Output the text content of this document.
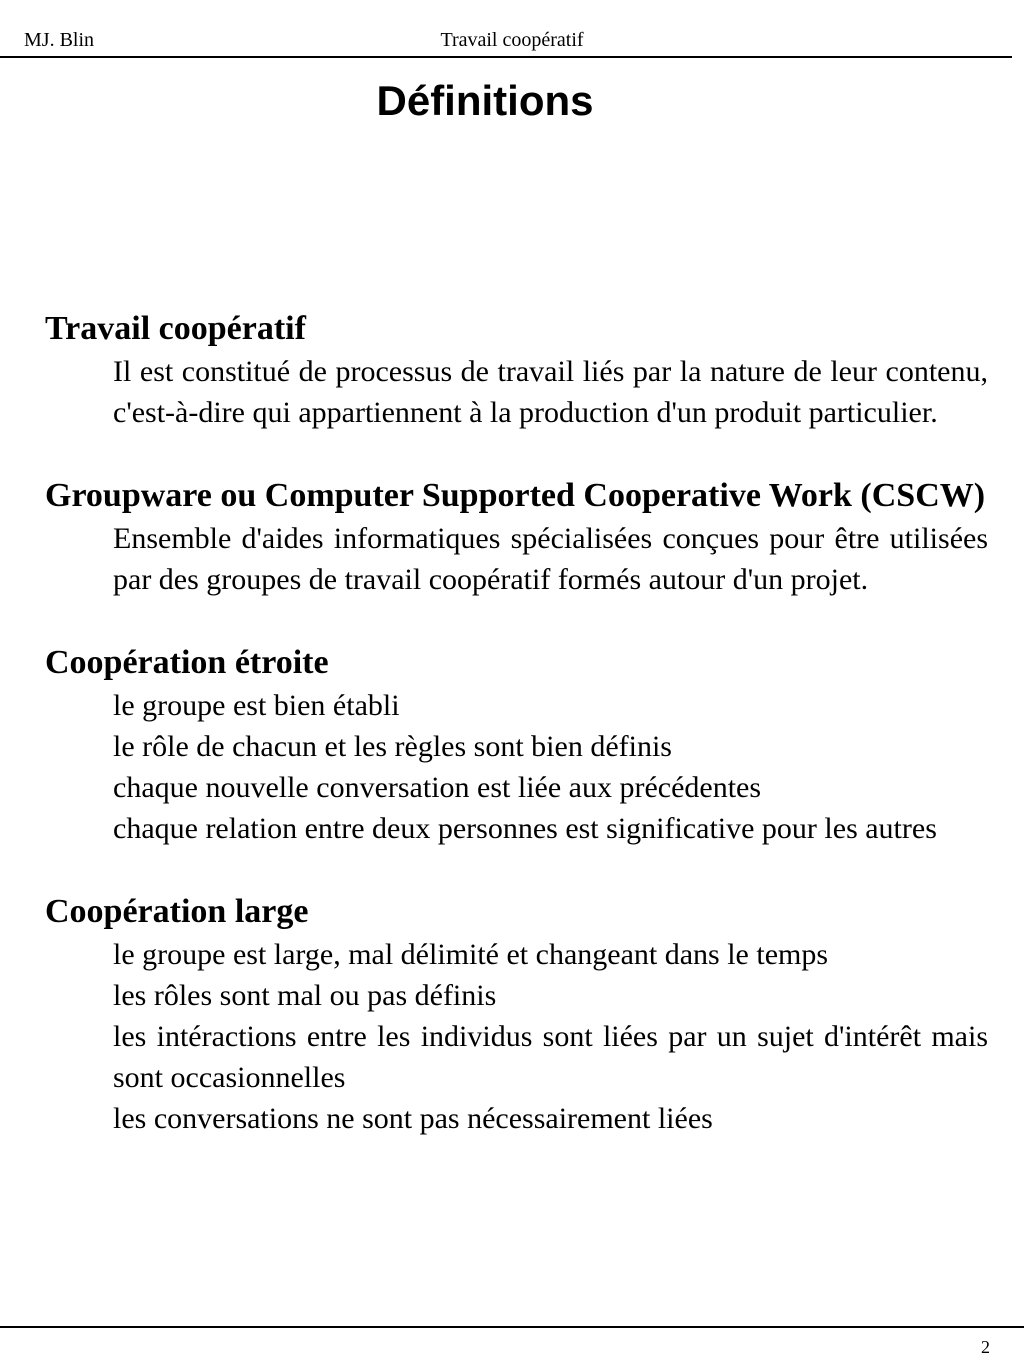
MJ. Blin	Travail coopératif
Définitions
Travail coopératif

Il est constitué de processus de travail liés par la nature de leur contenu, c'est-à-dire qui appartiennent à la production d'un produit particulier.

Groupware ou Computer Supported Cooperative Work (CSCW)

Ensemble d'aides informatiques spécialisées conçues pour être utilisées par des groupes de travail coopératif formés autour d'un projet.

Coopération étroite

le groupe est bien établi

le rôle de chacun et les règles sont bien définis

chaque nouvelle conversation est liée aux précédentes

chaque relation entre deux personnes est significative pour les autres

Coopération large

le groupe est large, mal délimité et changeant dans le temps

les rôles sont mal ou pas définis

les intéractions entre les individus sont liées par un sujet d'intérêt mais sont occasionnelles

les conversations ne sont pas nécessairement liées

2
